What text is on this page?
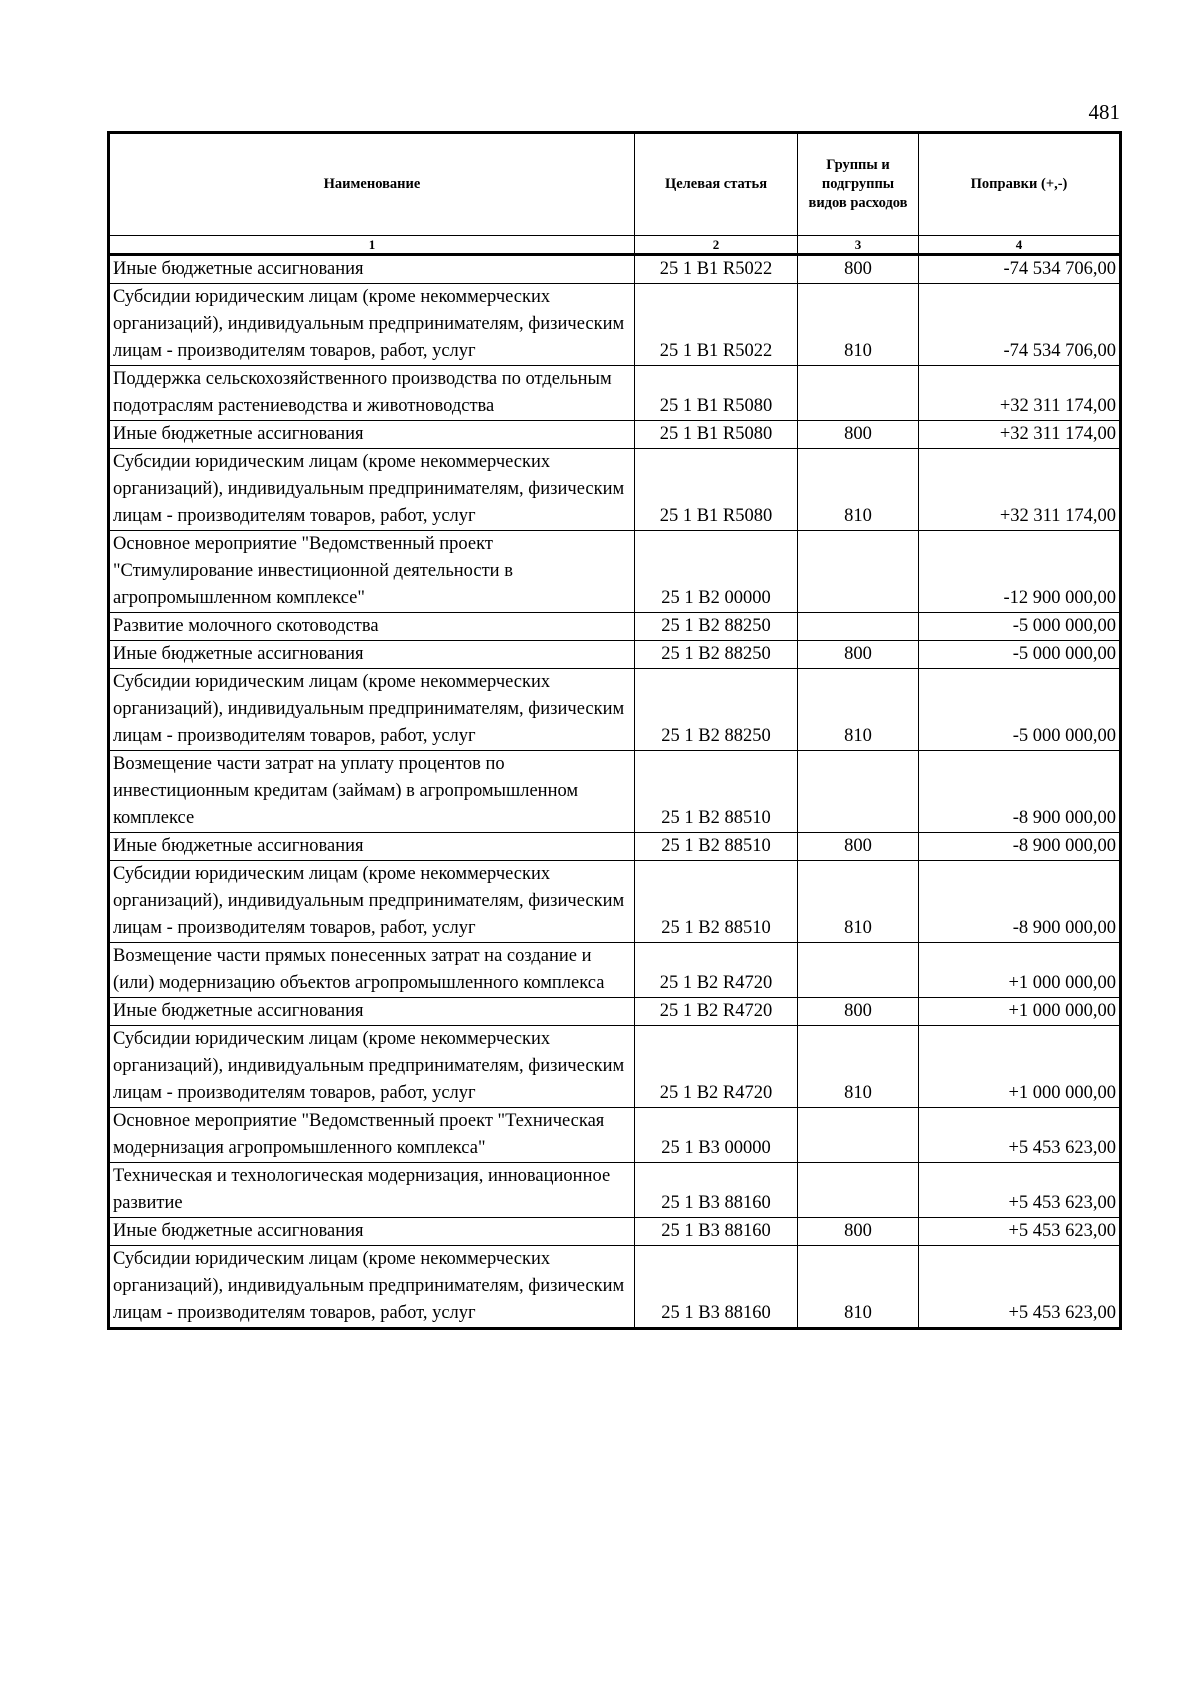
481
Наименование	Целевая статья	Группы и подгруппы видов расходов	Поправки (+,-)
1	2	3	4
Иные бюджетные ассигнования	25 1 B1 R5022	800	-74 534 706,00
Субсидии юридическим лицам (кроме некоммерческих организаций), индивидуальным предпринимателям, физическим лицам - производителям товаров, работ, услуг	25 1 B1 R5022	810	-74 534 706,00
Поддержка сельскохозяйственного производства по отдельным подотраслям растениеводства и животноводства	25 1 B1 R5080		+32 311 174,00
Иные бюджетные ассигнования	25 1 B1 R5080	800	+32 311 174,00
Субсидии юридическим лицам (кроме некоммерческих организаций), индивидуальным предпринимателям, физическим лицам - производителям товаров, работ, услуг	25 1 B1 R5080	810	+32 311 174,00
Основное мероприятие "Ведомственный проект "Стимулирование инвестиционной деятельности в агропромышленном комплексе"	25 1 B2 00000		-12 900 000,00
Развитие молочного скотоводства	25 1 B2 88250		-5 000 000,00
Иные бюджетные ассигнования	25 1 B2 88250	800	-5 000 000,00
Субсидии юридическим лицам (кроме некоммерческих организаций), индивидуальным предпринимателям, физическим лицам - производителям товаров, работ, услуг	25 1 B2 88250	810	-5 000 000,00
Возмещение части затрат на уплату процентов по инвестиционным кредитам (займам) в агропромышленном комплексе	25 1 B2 88510		-8 900 000,00
Иные бюджетные ассигнования	25 1 B2 88510	800	-8 900 000,00
Субсидии юридическим лицам (кроме некоммерческих организаций), индивидуальным предпринимателям, физическим лицам - производителям товаров, работ, услуг	25 1 B2 88510	810	-8 900 000,00
Возмещение части прямых понесенных затрат на создание и (или) модернизацию объектов агропромышленного комплекса	25 1 B2 R4720		+1 000 000,00
Иные бюджетные ассигнования	25 1 B2 R4720	800	+1 000 000,00
Субсидии юридическим лицам (кроме некоммерческих организаций), индивидуальным предпринимателям, физическим лицам - производителям товаров, работ, услуг	25 1 B2 R4720	810	+1 000 000,00
Основное мероприятие "Ведомственный проект "Техническая модернизация агропромышленного комплекса"	25 1 B3 00000		+5 453 623,00
Техническая и технологическая модернизация, инновационное развитие	25 1 B3 88160		+5 453 623,00
Иные бюджетные ассигнования	25 1 B3 88160	800	+5 453 623,00
Субсидии юридическим лицам (кроме некоммерческих организаций), индивидуальным предпринимателям, физическим лицам - производителям товаров, работ, услуг	25 1 B3 88160	810	+5 453 623,00
